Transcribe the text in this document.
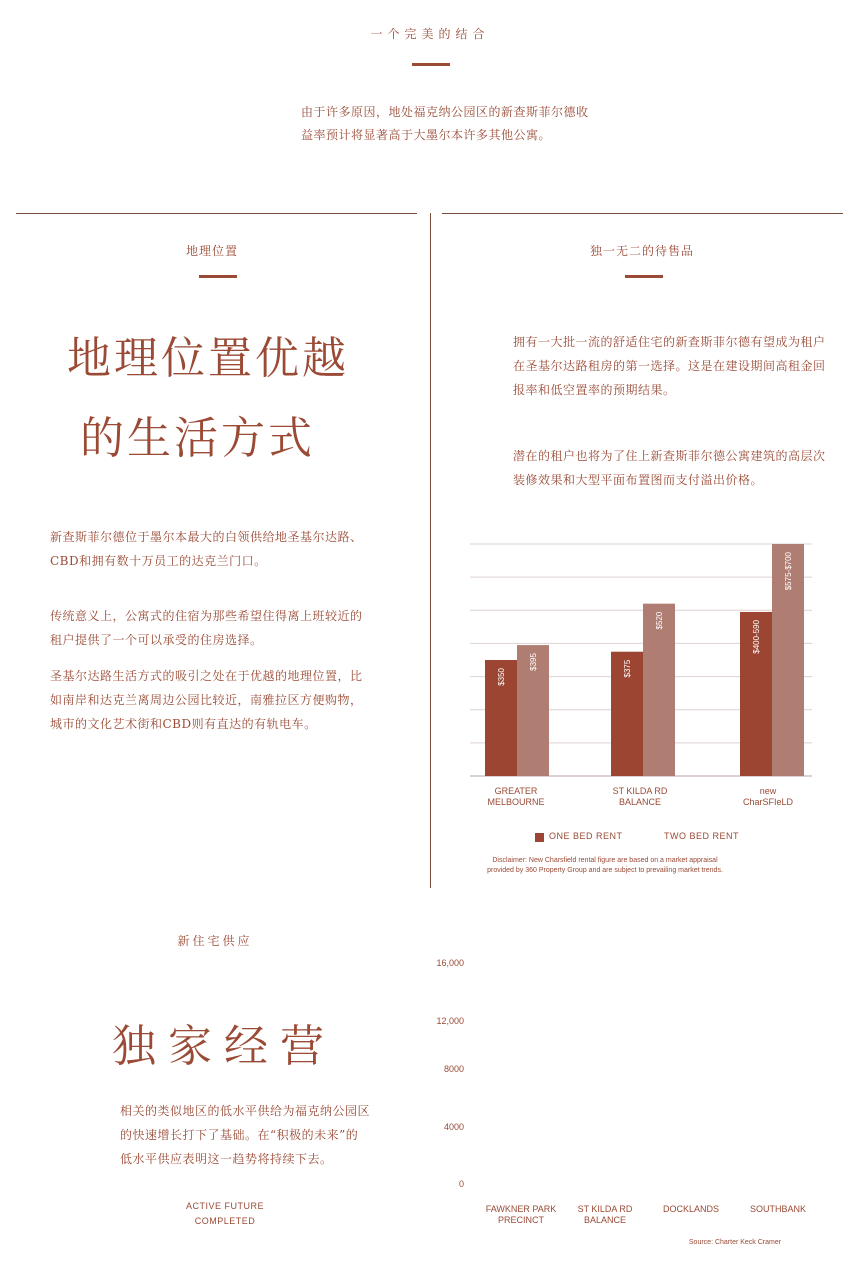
一个完美的结合
由于许多原因，地处福克纳公园区的新查斯菲尔德收
益率预计将显著高于大墨尔本许多其他公寓。
地理位置
地理位置优越
的生活方式
新查斯菲尔德位于墨尔本最大的白领供给地圣基尔达路、
CBD和拥有数十万员工的达克兰门口。
传统意义上，公寓式的住宿为那些希望住得离上班较近的
租户提供了一个可以承受的住房选择。
圣基尔达路生活方式的吸引之处在于优越的地理位置，比
如南岸和达克兰离周边公园比较近，南雅拉区方便购物，
城市的文化艺术街和CBD则有直达的有轨电车。
独一无二的待售品
拥有一大批一流的舒适住宅的新查斯菲尔德有望成为租户
在圣基尔达路租房的第一选择。这是在建设期间高租金回
报率和低空置率的预期结果。
潜在的租户也将为了住上新查斯菲尔德公寓建筑的高层次
装修效果和大型平面布置图而支付溢出价格。
$350
$395	$375
$520	$400-590
$575-$700
GREATER
MELBOURNE
ST KILDA RD
BALANCE
new
CharSFIeLD
ONE BED RENT	TWO BED RENT
Disclaimer: New Charsfield rental figure are based on a market appraisal
provided by 360 Property Group and are subject to prevailing market trends.
新住宅供应
独家经营
相关的类似地区的低水平供给为福克纳公园区
的快速增长打下了基础。在“积极的未来”的
低水平供应表明这一趋势将持续下去。
ACTIVE FUTURE
COMPLETED
16,000
12,000
8000
4000
0
FAWKNER PARK
PRECINCT
ST KILDA RD
BALANCE
DOCKLANDS	SOUTHBANK
Source: Charter Keck Cramer
